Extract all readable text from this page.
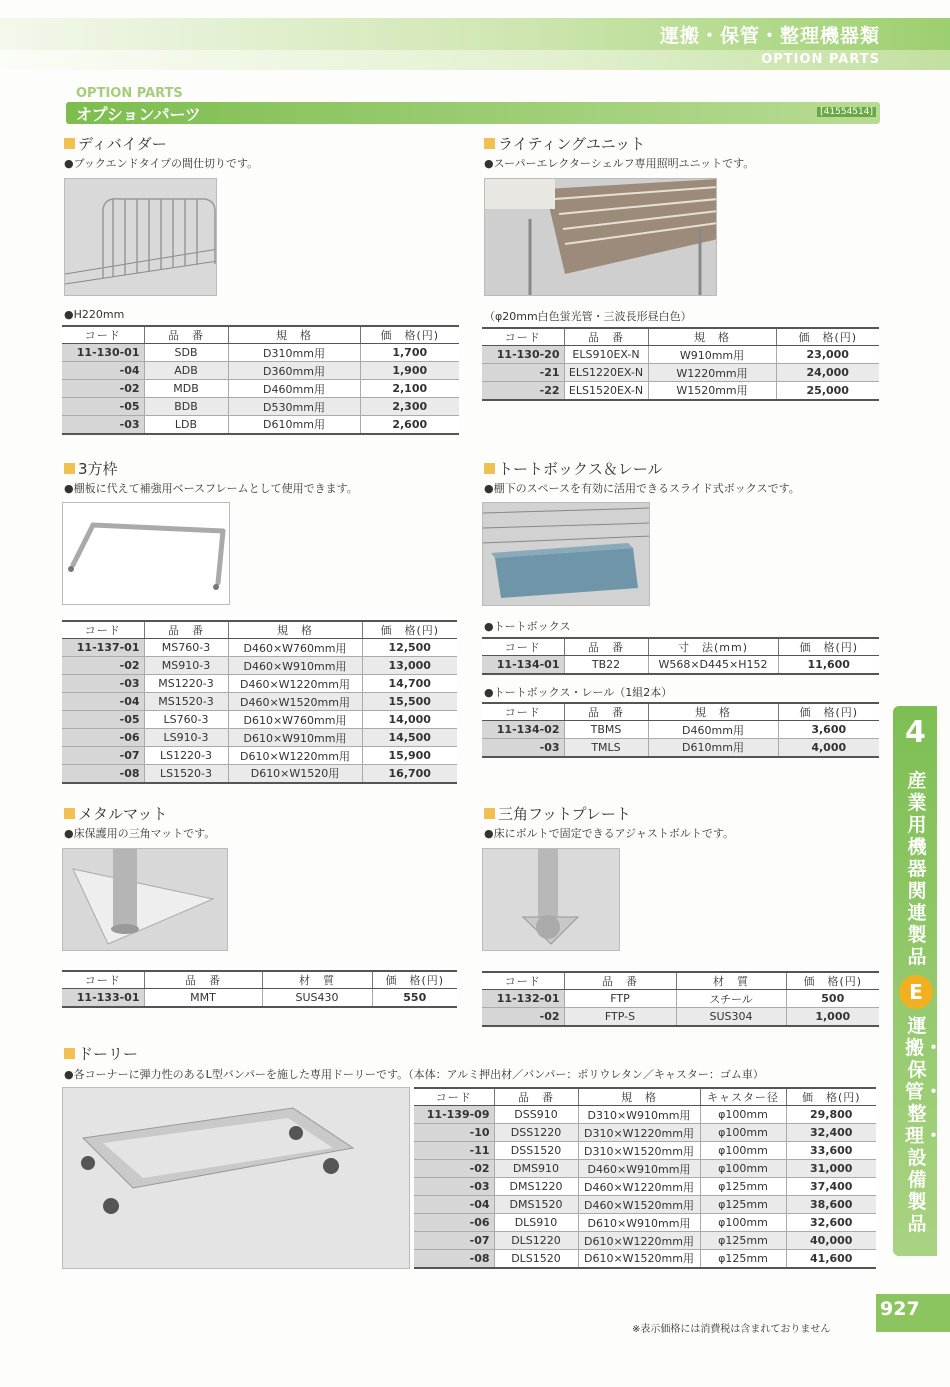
運搬・保管・整理機器類
OPTION PARTS
OPTION PARTS
オプションパーツ	[41554514]
ディバイダー
●ブックエンドタイプの間仕切りです。
●H220mm
コード	品　番	規　格	価　格(円)
11-130-01	SDB	D310mm用	1,700
-04	ADB	D360mm用	1,900
-02	MDB	D460mm用	2,100
-05	BDB	D530mm用	2,300
-03	LDB	D610mm用	2,600
ライティングユニット
●スーパーエレクターシェルフ専用照明ユニットです。
（φ20mm白色蛍光管・三波長形昼白色）
コード	品　番	規　格	価　格(円)
11-130-20	ELS910EX-N	W910mm用	23,000
-21	ELS1220EX-N	W1220mm用	24,000
-22	ELS1520EX-N	W1520mm用	25,000
3方枠
●棚板に代えて補強用ベースフレームとして使用できます。
コード	品　番	規　格	価　格(円)
11-137-01	MS760-3	D460×W760mm用	12,500
-02	MS910-3	D460×W910mm用	13,000
-03	MS1220-3	D460×W1220mm用	14,700
-04	MS1520-3	D460×W1520mm用	15,500
-05	LS760-3	D610×W760mm用	14,000
-06	LS910-3	D610×W910mm用	14,500
-07	LS1220-3	D610×W1220mm用	15,900
-08	LS1520-3	D610×W1520用	16,700
トートボックス＆レール
●棚下のスペースを有効に活用できるスライド式ボックスです。
●トートボックス
コード	品　番	寸　法(mm)	価　格(円)
11-134-01	TB22	W568×D445×H152	11,600
●トートボックス・レール（1組2本）
コード	品　番	規　格	価　格(円)
11-134-02	TBMS	D460mm用	3,600
-03	TMLS	D610mm用	4,000
メタルマット
●床保護用の三角マットです。
コード	品　番	材　質	価　格(円)
11-133-01	MMT	SUS430	550
三角フットプレート
●床にボルトで固定できるアジャストボルトです。
コード	品　番	材　質	価　格(円)
11-132-01	FTP	スチール	500
-02	FTP-S	SUS304	1,000
ドーリー
●各コーナーに弾力性のあるL型バンパーを施した専用ドーリーです。（本体：アルミ押出材／バンパー：ポリウレタン／キャスター：ゴム車）
コード	品　番	規　格	キャスター径	価　格(円)
11-139-09	DSS910	D310×W910mm用	φ100mm	29,800
-10	DSS1220	D310×W1220mm用	φ100mm	32,400
-11	DSS1520	D310×W1520mm用	φ100mm	33,600
-02	DMS910	D460×W910mm用	φ100mm	31,000
-03	DMS1220	D460×W1220mm用	φ125mm	37,400
-04	DMS1520	D460×W1520mm用	φ125mm	38,600
-06	DLS910	D610×W910mm用	φ100mm	32,600
-07	DLS1220	D610×W1220mm用	φ125mm	40,000
-08	DLS1520	D610×W1520mm用	φ125mm	41,600
4
産業用機器関連製品
E
運搬・保管・整理・設備製品
927
※表示価格には消費税は含まれておりません
